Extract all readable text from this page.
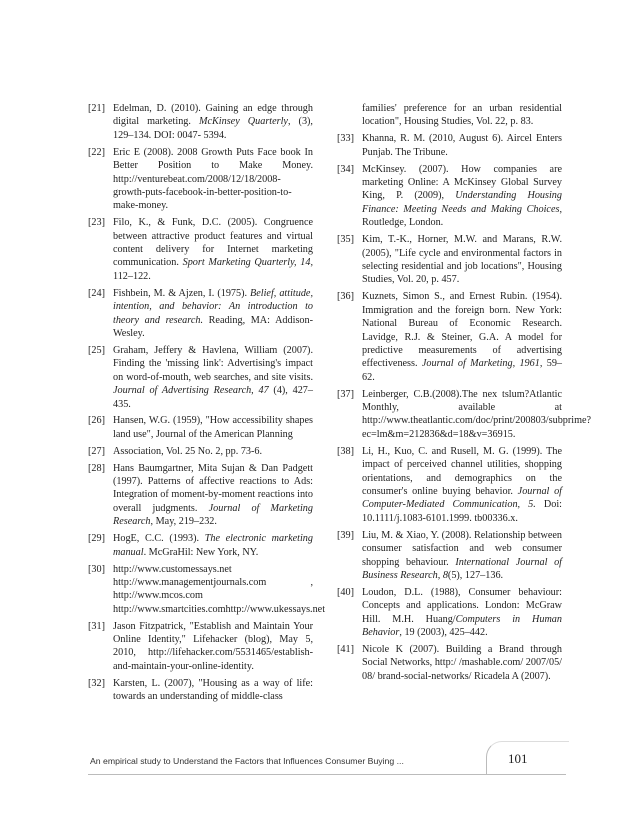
[21] Edelman, D. (2010). Gaining an edge through digital marketing. McKinsey Quarterly, (3), 129–134. DOI: 0047- 5394.
[22] Eric E (2008). 2008 Growth Puts Face book In Better Position to Make Money. http://venturebeat.com/2008/12/18/2008-growth-puts-facebook-in-better-position-to-make-money.
[23] Filo, K., & Funk, D.C. (2005). Congruence between attractive product features and virtual content delivery for Internet marketing communication. Sport Marketing Quarterly, 14, 112–122.
[24] Fishbein, M. & Ajzen, I. (1975). Belief, attitude, intention, and behavior: An introduction to theory and research. Reading, MA: Addison-Wesley.
[25] Graham, Jeffery & Havlena, William (2007). Finding the 'missing link': Advertising's impact on word-of-mouth, web searches, and site visits. Journal of Advertising Research, 47 (4), 427–435.
[26] Hansen, W.G. (1959), "How accessibility shapes land use", Journal of the American Planning
[27] Association, Vol. 25 No. 2, pp. 73-6.
[28] Hans Baumgartner, Mita Sujan & Dan Padgett (1997). Patterns of affective reactions to Ads: Integration of moment-by-moment reactions into overall judgments. Journal of Marketing Research, May, 219–232.
[29] HogE, C.C. (1993). The electronic marketing manual. McGraHil: New York, NY.
[30] http://www.customessays.net http://www.managementjournals.com , http://www.mcos.com http://www.smartcities.comhttp://www.ukessays.net
[31] Jason Fitzpatrick, "Establish and Maintain Your Online Identity," Lifehacker (blog), May 5, 2010, http://lifehacker.com/5531465/establish-and-maintain-your-online-identity.
[32] Karsten, L. (2007), "Housing as a way of life: towards an understanding of middle-class
families' preference for an urban residential location", Housing Studies, Vol. 22, p. 83.
[33] Khanna, R. M. (2010, August 6). Aircel Enters Punjab. The Tribune.
[34] McKinsey. (2007). How companies are marketing Online: A McKinsey Global Survey King, P. (2009), Understanding Housing Finance: Meeting Needs and Making Choices, Routledge, London.
[35] Kim, T.-K., Horner, M.W. and Marans, R.W. (2005), "Life cycle and environmental factors in selecting residential and job locations", Housing Studies, Vol. 20, p. 457.
[36] Kuznets, Simon S., and Ernest Rubin. (1954). Immigration and the foreign born. New York: National Bureau of Economic Research. Lavidge, R.J. & Steiner, G.A. A model for predictive measurements of advertising effectiveness. Journal of Marketing, 1961, 59–62.
[37] Leinberger, C.B.(2008).The nex tslum?Atlantic Monthly, available at http://www.theatlantic.com/doc/print/200803/subprime?ec=lm&m=212836&d=18&v=36915.
[38] Li, H., Kuo, C. and Rusell, M. G. (1999). The impact of perceived channel utilities, shopping orientations, and demographics on the consumer's online buying behavior. Journal of Computer-Mediated Communication, 5. Doi: 10.1111/j.1083-6101.1999. tb00336.x.
[39] Liu, M. & Xiao, Y. (2008). Relationship between consumer satisfaction and web consumer shopping behaviour. International Journal of Business Research, 8(5), 127–136.
[40] Loudon, D.L. (1988), Consumer behaviour: Concepts and applications. London: McGraw Hill. M.H. Huang/Computers in Human Behavior, 19 (2003), 425–442.
[41] Nicole K (2007). Building a Brand through Social Networks, http:/ /mashable.com/ 2007/05/ 08/ brand-social-networks/ Ricadela A (2007).
An empirical study to Understand the Factors that Influences Consumer Buying ...	101
